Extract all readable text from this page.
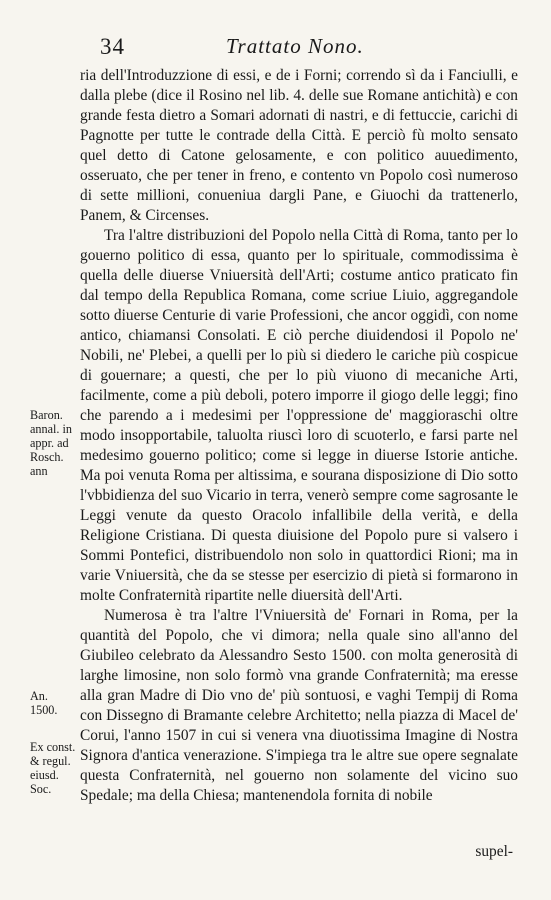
34	Trattato Nono.

ria dell'Introduzzione di essi, e de i Forni; correndo sì da i Fanciulli, e dalla plebe (dice il Rosino nel lib. 4. delle sue Romane antichità) e con grande festa dietro a Somari adornati di nastri, e di fettuccie, carichi di Pagnotte per tutte le contrade della Città. E perciò fù molto sensato quel detto di Catone gelosamente, e con politico auuedimento, osseruato, che per tener in freno, e contento vn Popolo così numeroso di sette millioni, conueniua dargli Pane, e Giuochi da trattenerlo, Panem, & Circenses.

Tra l'altre distribuzioni del Popolo nella Città di Roma, tanto per lo gouerno politico di essa, quanto per lo spirituale, commodissima è quella delle diuerse Vniuersità dell'Arti; costume antico praticato fin dal tempo della Republica Romana, come scriue Liuio, aggregandole sotto diuerse Centurie di varie Professioni, che ancor oggidì, con nome antico, chiamansi Consolati. E ciò perche diuidendosi il Popolo ne' Nobili, ne' Plebei, a quelli per lo più si diedero le cariche più cospicue di gouernare; a questi, che per lo più viuono di mecaniche Arti, facilmente, come a più deboli, potero imporre il giogo delle leggi; fino che parendo a i medesimi per l'oppressione de' maggioraschi oltre modo insopportabile, taluolta riuscì loro di scuoterlo, e farsi parte nel medesimo gouerno politico; come si legge in diuerse Istorie antiche. Ma poi venuta Roma per altissima, e sourana disposizione di Dio sotto l'vbbidienza del suo Vicario in terra, venerò sempre come sagrosante le Leggi venute da questo Oracolo infallibile della verità, e della Religione Cristiana. Di questa diuisione del Popolo pure si valsero i Sommi Pontefici, distribuendolo non solo in quattordici Rioni; ma in varie Vniuersità, che da se stesse per esercizio di pietà si formarono in molte Confraternità ripartite nelle diuersità dell'Arti.

Numerosa è tra l'altre l'Vniuersità de' Fornari in Roma, per la quantità del Popolo, che vi dimora; nella quale sino all'anno del Giubileo celebrato da Alessandro Sesto 1500. con molta generosità di larghe limosine, non solo formò vna grande Confraternità; ma eresse alla gran Madre di Dio vno de' più sontuosi, e vaghi Tempij di Roma con Dissegno di Bramante celebre Architetto; nella piazza di Macel de' Corui, l'anno 1507 in cui si venera vna diuotissima Imagine di Nostra Signora d'antica venerazione. S'impiega tra le altre sue opere segnalate questa Confraternità, nel gouerno non solamente del vicino suo Spedale; ma della Chiesa; mantenendola fornita di nobile

Baron. annal. in appr. ad Rosch. ann
An. 1500.
Ex const. & regul. eiusd. Soc.
supel-
